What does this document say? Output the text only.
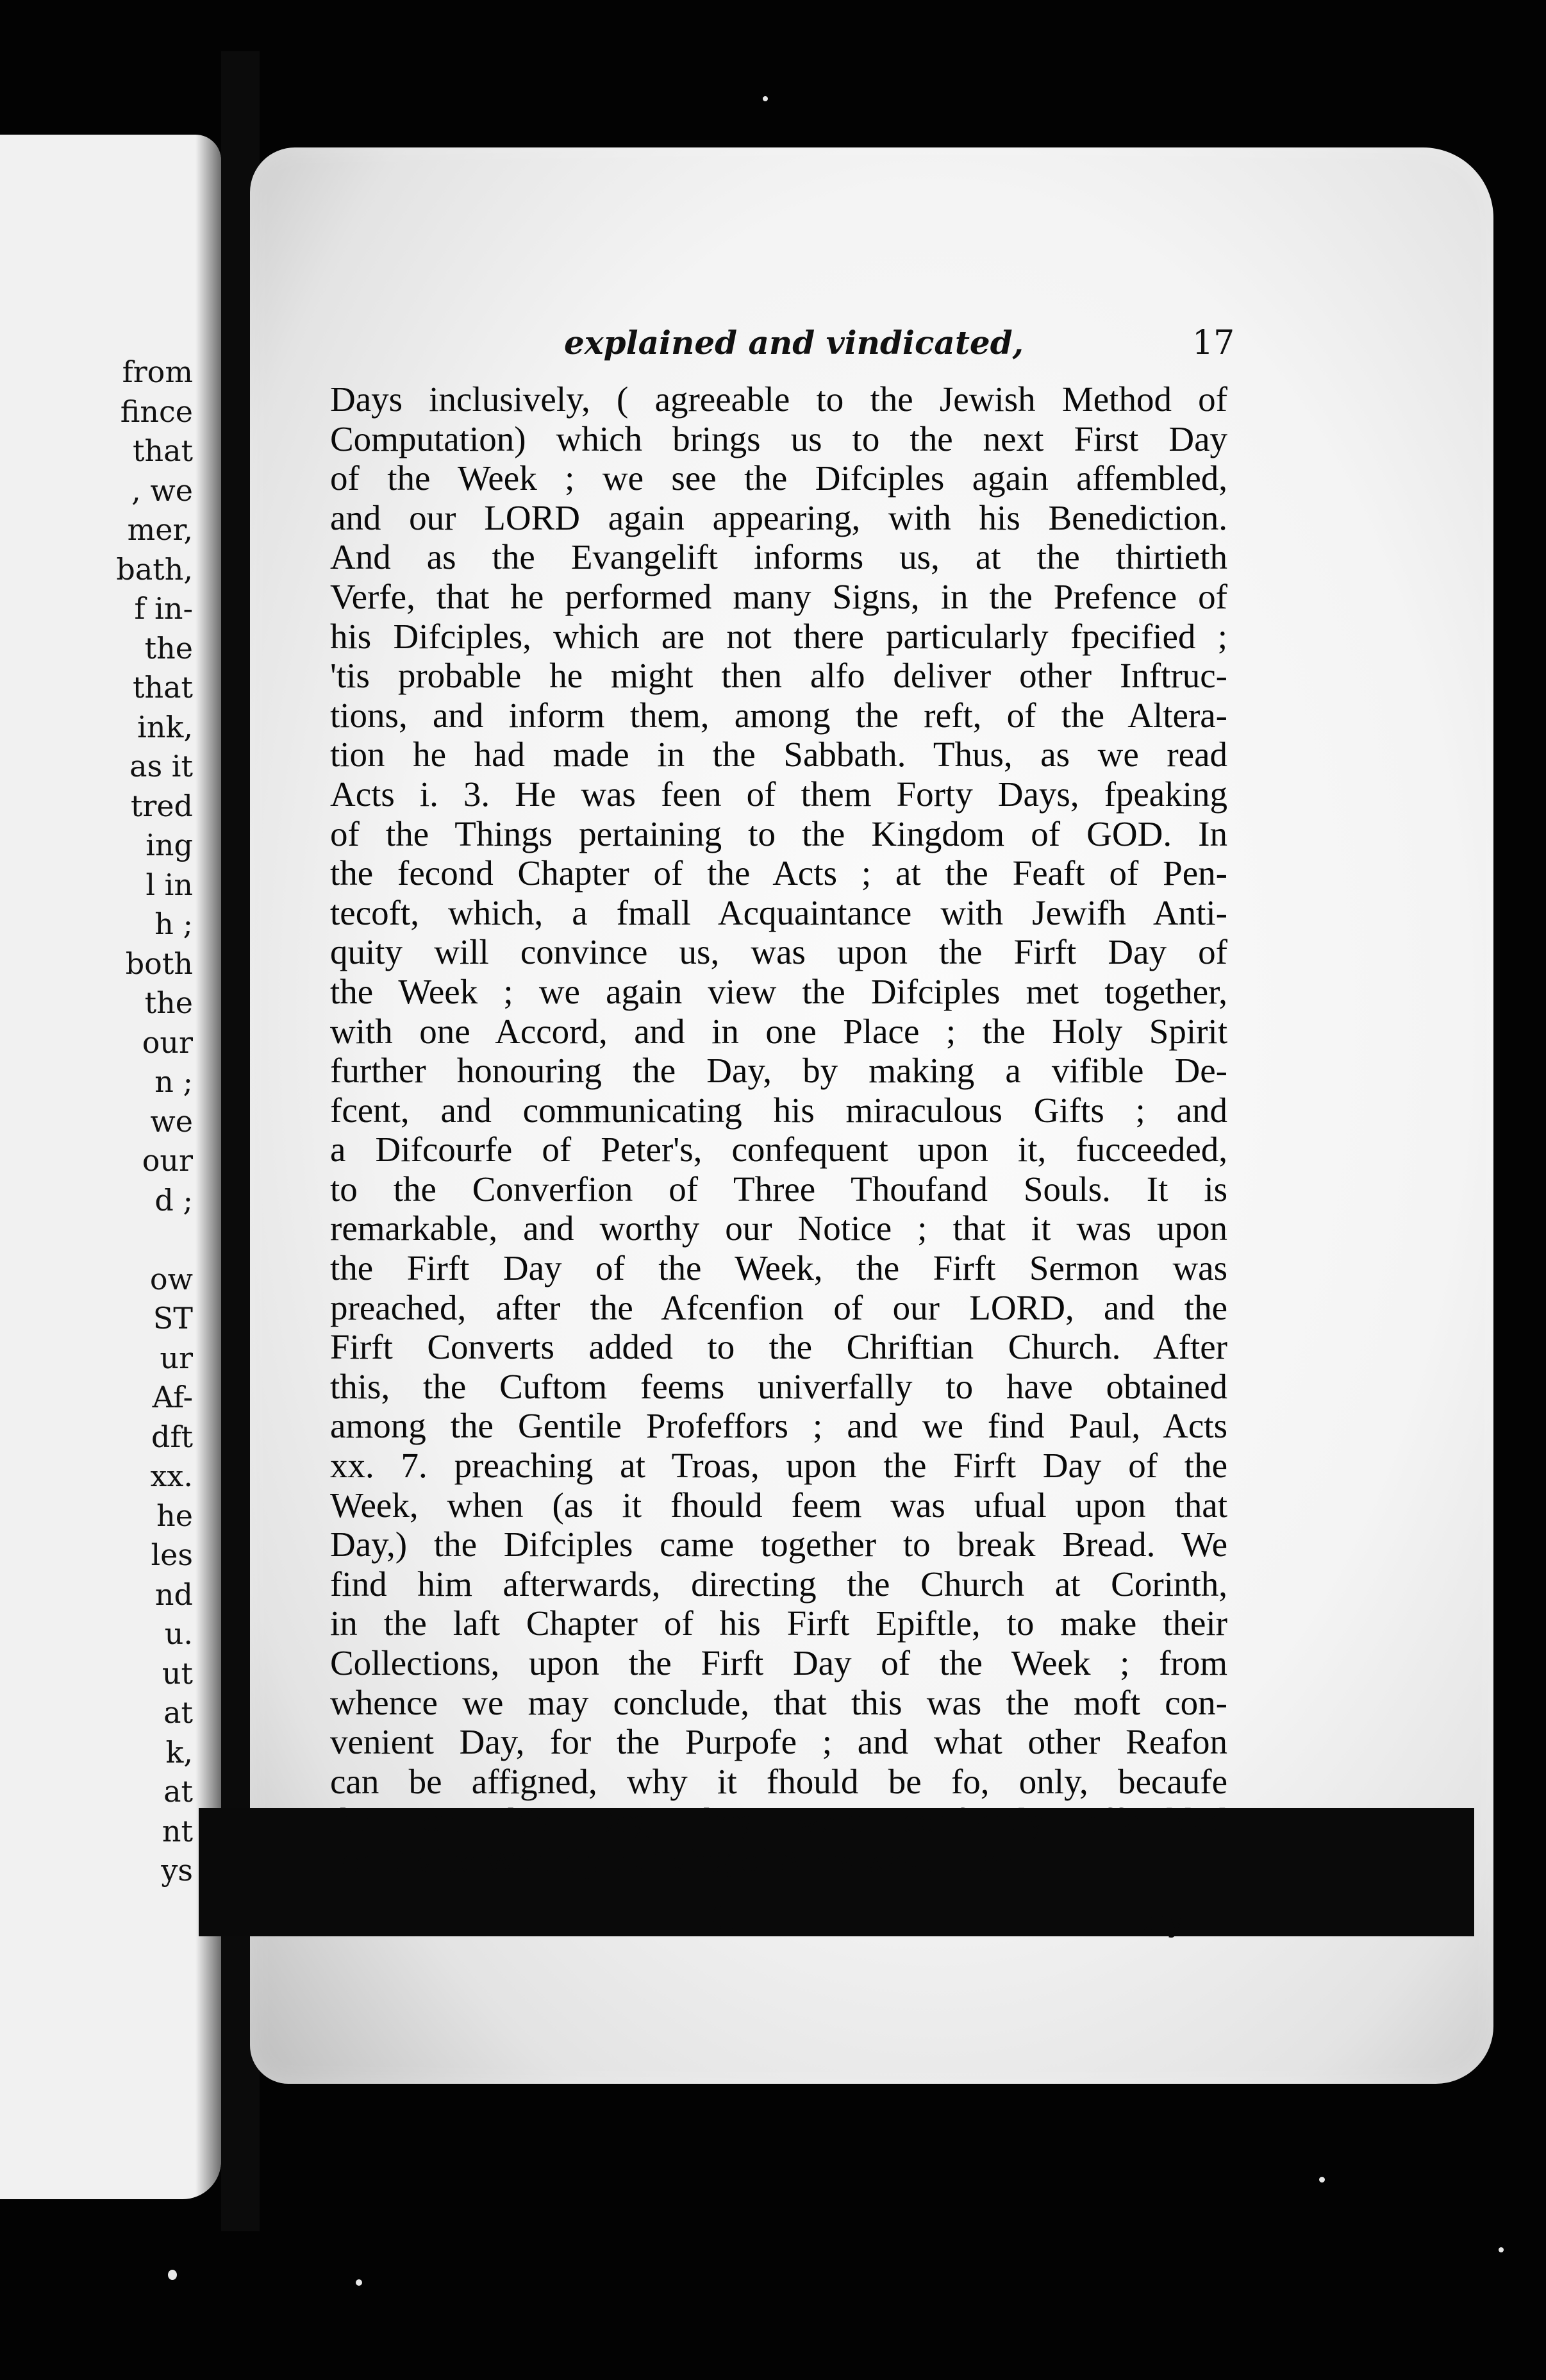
from
fince
that
, we
mer,
bath,
f in-
the
that
ink,
as it
tred
ing
l in
h ;
both
the
our
n ;
we
our
d ;

ow
ST
ur
Af-
dft
xx.
he
les
nd
u.
ut
at
k,
at
nt
ys
explained and vindicated,	17
Days inclusively, ( agreeable to the Jewish Method of
Computation) which brings us to the next First Day
of the Week ; we see the Difciples again affembled,
and our LORD again appearing, with his Benediction.
And as the Evangelift informs us, at the thirtieth
Verfe, that he performed many Signs, in the Prefence of
his Difciples, which are not there particularly fpecified ;
'tis probable he might then alfo deliver other Inftruc-
tions, and inform them, among the reft, of the Altera-
tion he had made in the Sabbath. Thus, as we read
Acts i. 3. He was feen of them Forty Days, fpeaking
of the Things pertaining to the Kingdom of GOD. In
the fecond Chapter of the Acts ; at the Feaft of Pen-
tecoft, which, a fmall Acquaintance with Jewifh Anti-
quity will convince us, was upon the Firft Day of
the Week ; we again view the Difciples met together,
with one Accord, and in one Place ; the Holy Spirit
further honouring the Day, by making a vifible De-
fcent, and communicating his miraculous Gifts ; and
a Difcourfe of Peter's, confequent upon it, fucceeded,
to the Converfion of Three Thoufand Souls. It is
remarkable, and worthy our Notice ; that it was upon
the Firft Day of the Week, the Firft Sermon was
preached, after the Afcenfion of our LORD, and the
Firft Converts added to the Chriftian Church. After
this, the Cuftom feems univerfally to have obtained
among the Gentile Profeffors ; and we find Paul, Acts
xx. 7. preaching at Troas, upon the Firft Day of the
Week, when (as it fhould feem was ufual upon that
Day,) the Difciples came together to break Bread. We
find him afterwards, directing the Church at Corinth,
in the laft Chapter of his Firft Epiftle, to make their
Collections, upon the Firft Day of the Week ; from
whence we may conclude, that this was the moft con-
venient Day, for the Purpofe ; and what other Reafon
can be affigned, why it fhould be fo, only, becaufe
that on this Day, they were conftantly affembled
for Divine Worfhip ? Giving of Alms was cuftom-
C	ary
